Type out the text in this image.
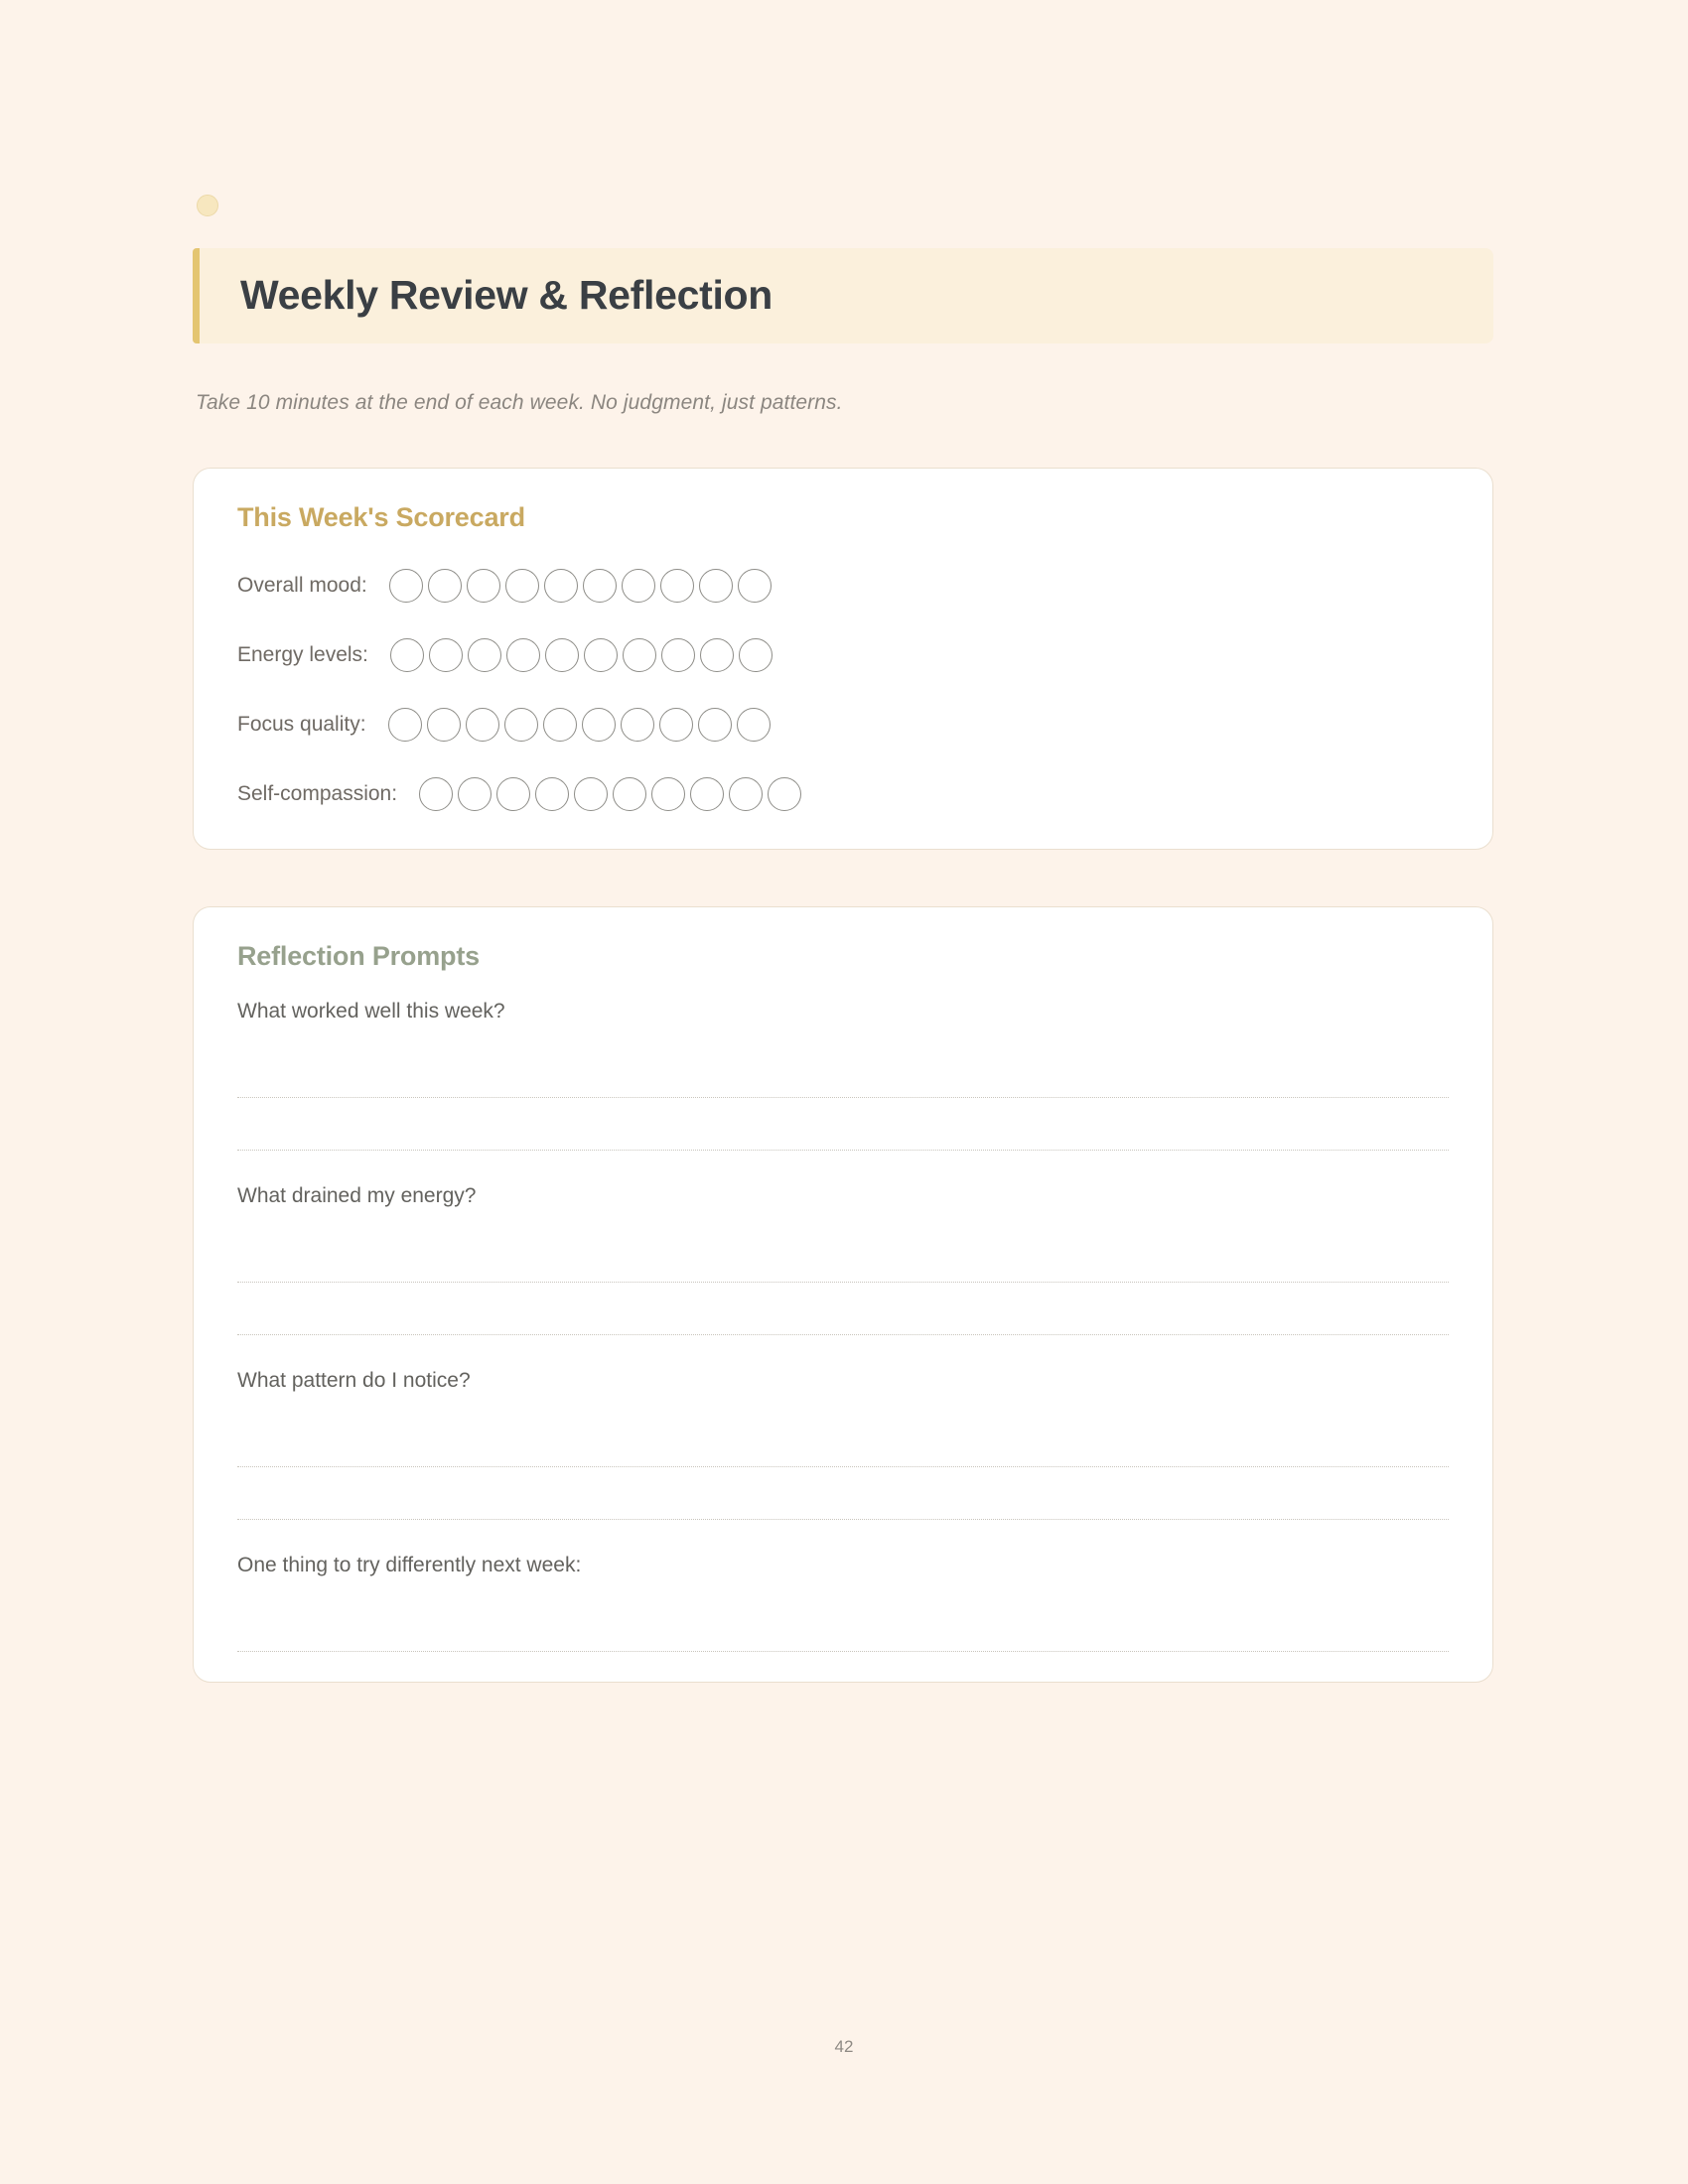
Weekly Review & Reflection
Take 10 minutes at the end of each week. No judgment, just patterns.
This Week's Scorecard
Overall mood:
Energy levels:
Focus quality:
Self-compassion:
Reflection Prompts
What worked well this week?
What drained my energy?
What pattern do I notice?
One thing to try differently next week:
42
